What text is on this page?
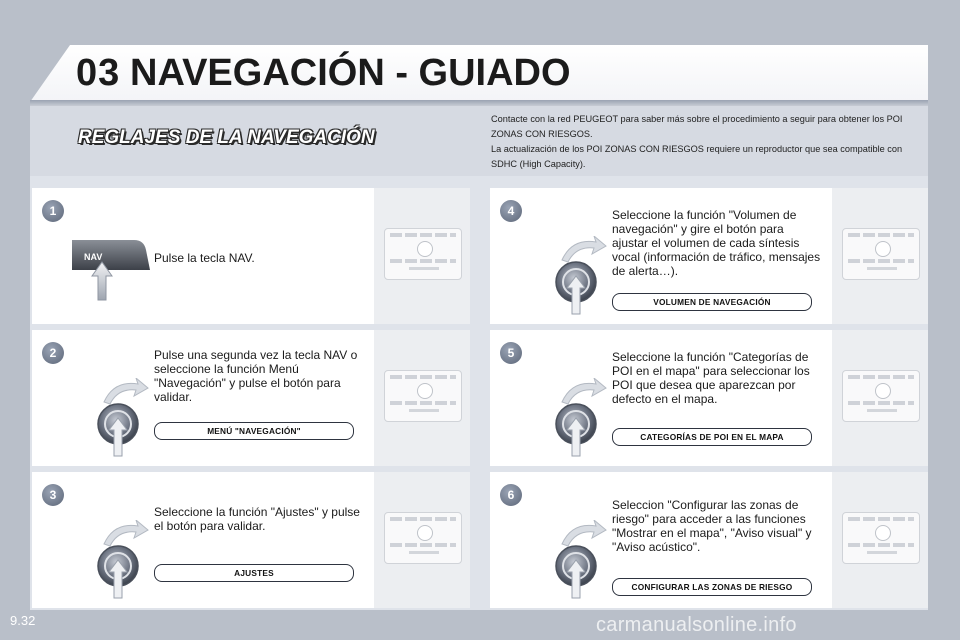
03 NAVEGACIÓN - GUIADO
REGLAJES DE LA NAVEGACIÓN

Contacte con la red PEUGEOT para saber más sobre el procedimiento a seguir para obtener los POI ZONAS CON RIESGOS.

La actualización de los POI ZONAS CON RIESGOS requiere un reproductor que sea compatible con SDHC (High Capacity).

1
NAV	Pulse la tecla NAV.
2	Pulse una segunda vez la tecla NAV o seleccione la función Menú "Navegación" y pulse el botón para validar.
MENÚ "NAVEGACIÓN"
3
Seleccione la función "Ajustes" y pulse el botón para validar.
AJUSTES
4	Seleccione la función "Volumen de navegación" y gire el botón para ajustar el volumen de cada síntesis vocal (información de tráfico, mensajes de alerta…).
VOLUMEN DE NAVEGACIÓN
5	Seleccione la función "Categorías de POI en el mapa" para seleccionar los POI que desea que aparezcan por defecto en el mapa.
CATEGORÍAS DE POI EN EL MAPA
6
Seleccion "Configurar las zonas de riesgo" para acceder a las funciones "Mostrar en el mapa", "Aviso visual" y "Aviso acústico".
CONFIGURAR LAS ZONAS DE RIESGO
9.32	carmanualsonline.info
